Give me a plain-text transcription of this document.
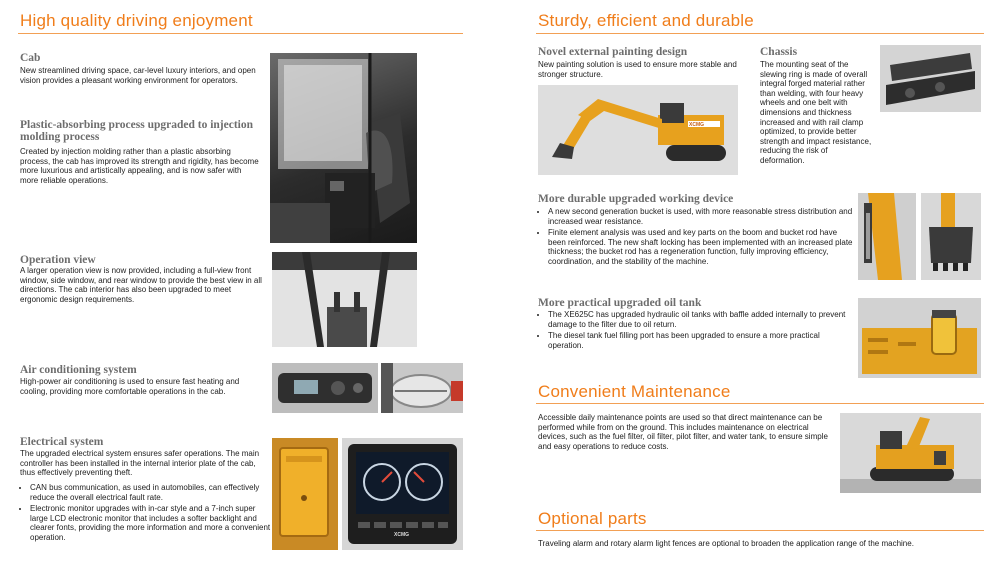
High quality driving enjoyment
Cab
New streamlined driving space, car-level luxury interiors, and open vision provides a pleasant working environment for operators.
Plastic-absorbing process upgraded to injection molding process
Created by injection molding rather than a plastic absorbing process, the cab has improved its strength and rigidity, has become more luxurious and artistically appealing, and is now safer with more reliable operations.
Operation view
A larger operation view is now provided, including a full-view front window, side window, and rear window to provide the best view in all directions. The cab interior has also been upgraded to meet ergonomic design requirements.
Air conditioning system
High-power air conditioning is used to ensure fast heating and cooling, providing more comfortable operations in the cab.
Electrical system
The upgraded electrical system ensures safer operations. The main controller has been installed in the internal interior plate of the cab, thus effectively preventing theft.
• CAN bus communication, as used in automobiles, can effectively reduce the overall electrical fault rate.
• Electronic monitor upgrades with in-car style and a 7-inch super large LCD electronic monitor that includes a softer backlight and clearer fonts, providing the more information and more a convenient operation.	XCMG
Sturdy, efficient and durable
Novel external painting design
New painting solution is used to ensure more stable and stronger structure.
XCMG
Chassis
The mounting seat of the slewing ring is made of overall integral forged material rather than welding, with four heavy wheels and one belt with dimensions and thickness increased and with rail clamp optimized, to provide better strength and impact resistance, reducing the risk of deformation.
More durable upgraded working device
• A new second generation bucket is used, with more reasonable stress distribution and increased wear resistance.
• Finite element analysis was used and key parts on the boom and bucket rod have been reinforced. The new shaft locking has been implemented with an increased plate thickness; the bucket rod has a regeneration function, fully improving efficiency, coordination, and the stability of the machine.
More practical upgraded oil tank
• The XE625C has upgraded hydraulic oil tanks with baffle added internally to prevent damage to the filter due to oil return.
• The diesel tank fuel filling port has been upgraded to ensure a more practical operation.
Convenient Maintenance
Accessible daily maintenance points are used so that direct maintenance can be performed while from on the ground. This includes maintenance on electrical devices, such as the fuel filter, oil filter, pilot filter, and water tank, to ensure simple and easy operations to reduce costs.
Optional parts
Traveling alarm and rotary alarm light fences are optional to broaden the application range of the machine.
